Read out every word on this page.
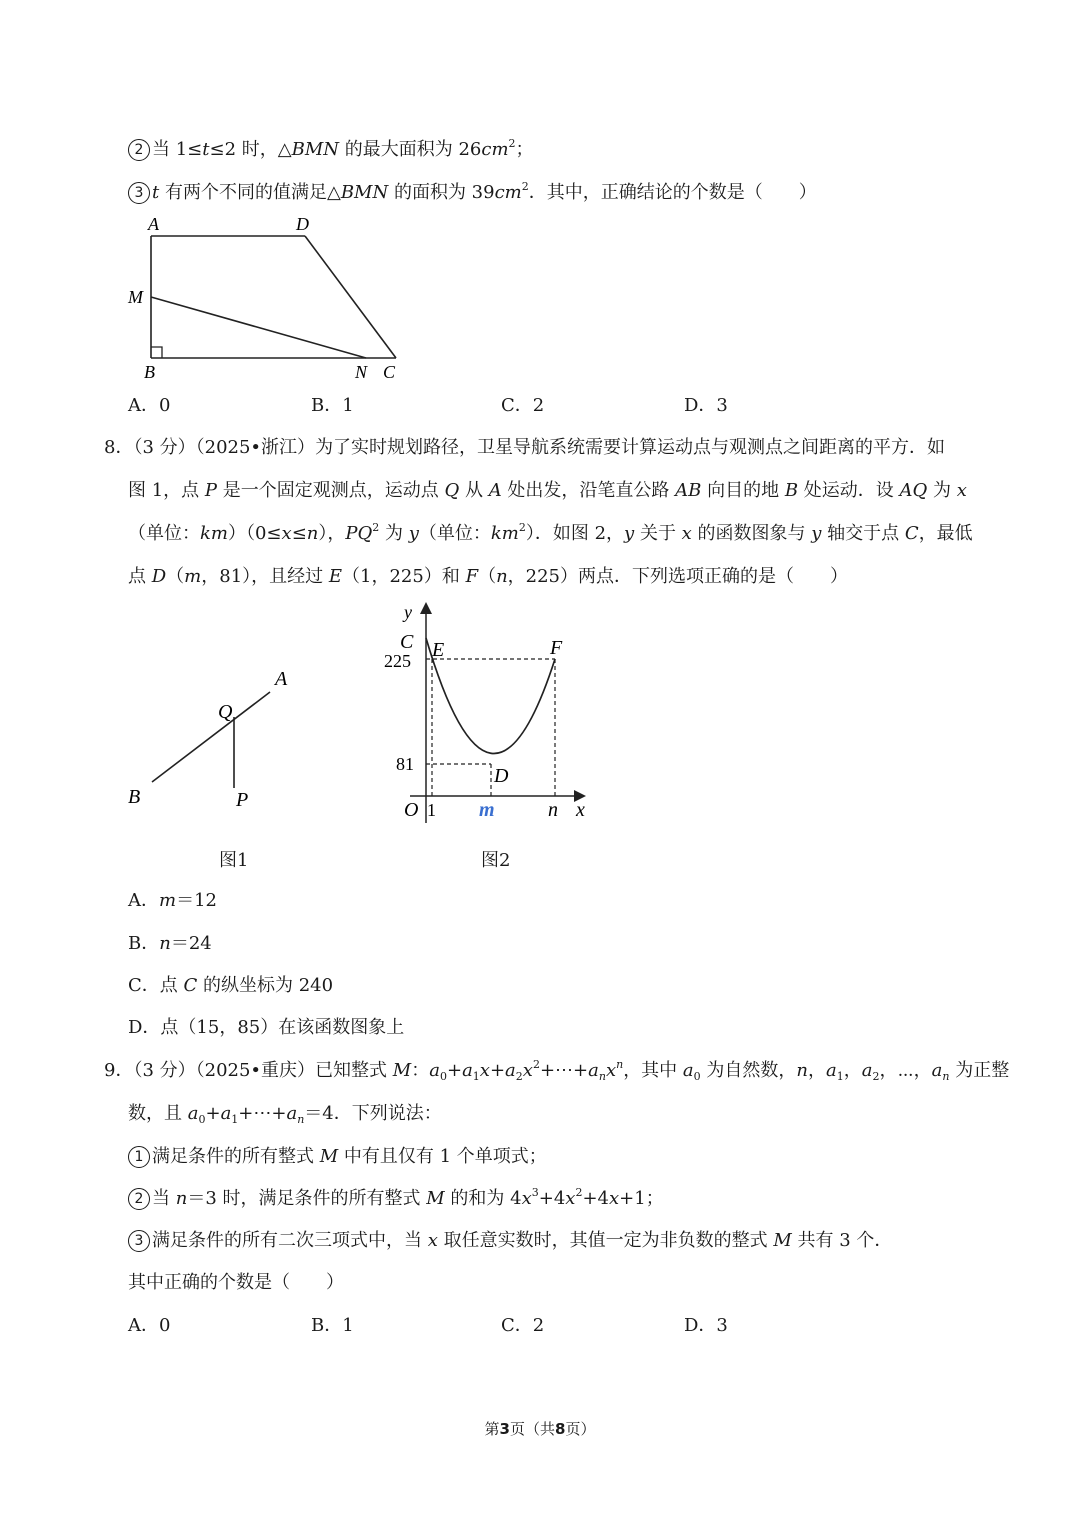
2 当 1≤t≤2 时，△BMN 的最大面积为 $26cm^2$；
3 t 有两个不同的值满足△BMN 的面积为 $39cm^2$．其中，正确结论的个数是（　　）
A	D
M
B	N C
A．0	B．1	C．2	D．3
8．（3 分）（2025•浙江）为了实时规划路径，卫星导航系统需要计算运动点与观测点之间距离的平方．如
图 1，点 P 是一个固定观测点，运动点 Q 从 A 处出发，沿笔直公路 AB 向目的地 B 处运动．设 AQ 为 x
（单位：km）（0≤x≤n），$PQ^2$ 为 y（单位：$km^2$）．如图 2，y 关于 x 的函数图象与 y 轴交于点 C，最低
点 D（m，81），且经过 E（1，225）和 F（n，225）两点．下列选项正确的是（　　）
A
Q
B	P
图1
y
C E	F
225
81
D
O 1 m	n x
图2
A．m＝12
B．n＝24
C．点 C 的纵坐标为 240
D．点（15，85）在该函数图象上
9．（3 分）（2025•重庆）已知整式 M：$a_0+a_1x+a_2x^2+\cdots+a_nx^n$，其中 $a_0$ 为自然数，n，$a_1$，$a_2$，⋯，$a_n$ 为正整
数，且 $a_0+a_1+\cdots+a_n=4$．下列说法：
1 满足条件的所有整式 M 中有且仅有 1 个单项式；
2 当 n＝3 时，满足条件的所有整式 M 的和为 $4x^3+4x^2+4x+1$；
3 满足条件的所有二次三项式中，当 x 取任意实数时，其值一定为非负数的整式 M 共有 3 个．
其中正确的个数是（　　）
A．0	B．1	C．2	D．3
第3页（共8页）
